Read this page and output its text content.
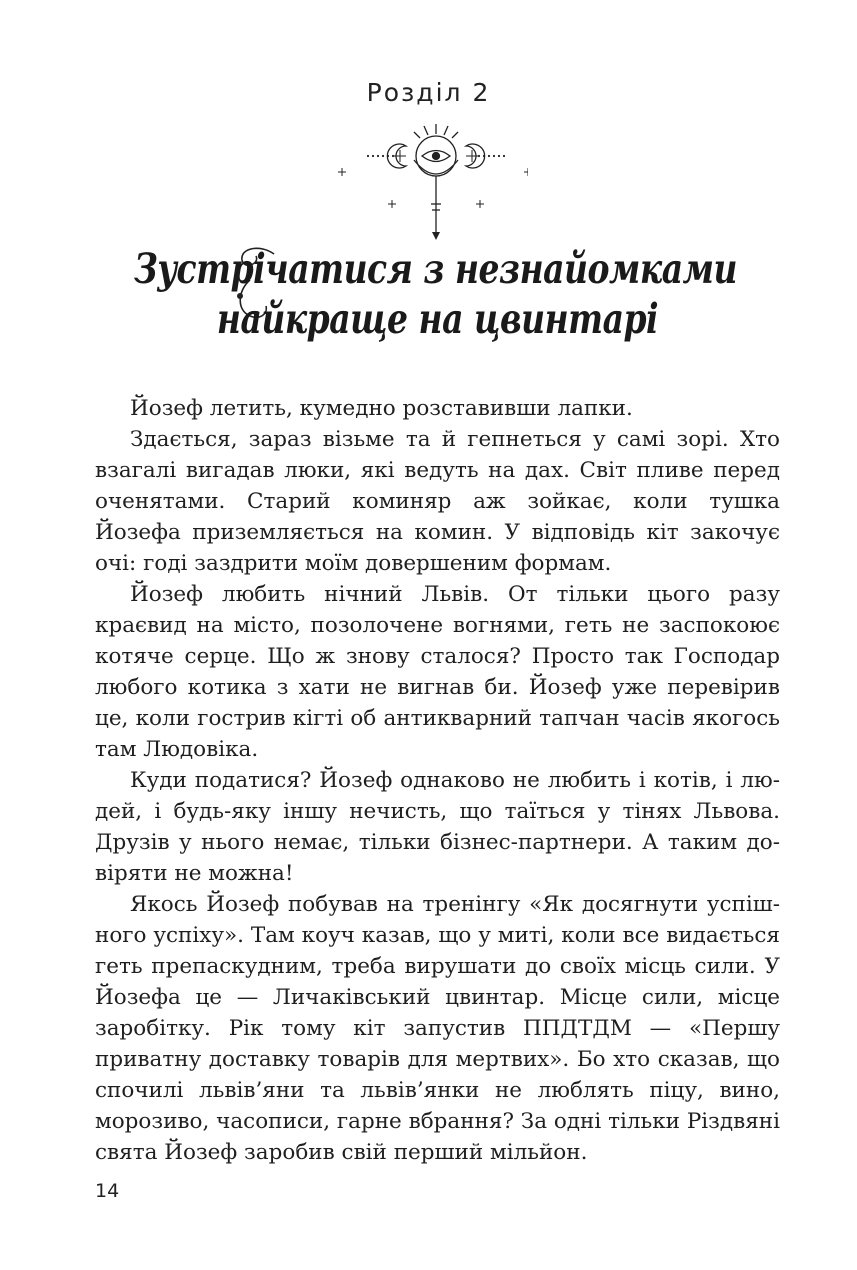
Розділ 2
Зустрічатися з незнайомками
найкраще на цвинтарі

Йозеф летить, кумедно розставивши лапки.

Здається, зараз візьме та й гепнеться у самі зорі. Хто взагалі вигадав люки, які ведуть на дах. Світ пливе перед оченятами. Старий коминяр аж зойкає, коли тушка Йозефа приземляється на комин. У відповідь кіт закочує очі: годі заздрити моїм довершеним формам.

Йозеф любить нічний Львів. От тільки цього разу краєвид на місто, позолочене вогнями, геть не заспокоює котяче серце. Що ж знову сталося? Просто так Господар любого котика з хати не вигнав би. Йозеф уже перевірив це, коли гострив кігті об антикварний тапчан часів якогось там Людовіка.

Куди податися? Йозеф однаково не любить і котів, і людей, і будь-яку іншу нечисть, що таїться у тінях Львова. Друзів у нього немає, тільки бізнес-партнери. А таким довіряти не можна!

Якось Йозеф побував на тренінгу «Як досягнути успішного успіху». Там коуч казав, що у миті, коли все видається геть препаскудним, треба вирушати до своїх місць сили. У Йозефа це — Личаківський цвинтар. Місце сили, місце заробітку. Рік тому кіт запустив ППДТДМ — «Першу приватну доставку товарів для мертвих». Бо хто сказав, що спочилі львів’яни та львів’янки не люблять піцу, вино, морозиво, часописи, гарне вбрання? За одні тільки Різдвяні свята Йозеф заробив свій перший мільйон.

14
